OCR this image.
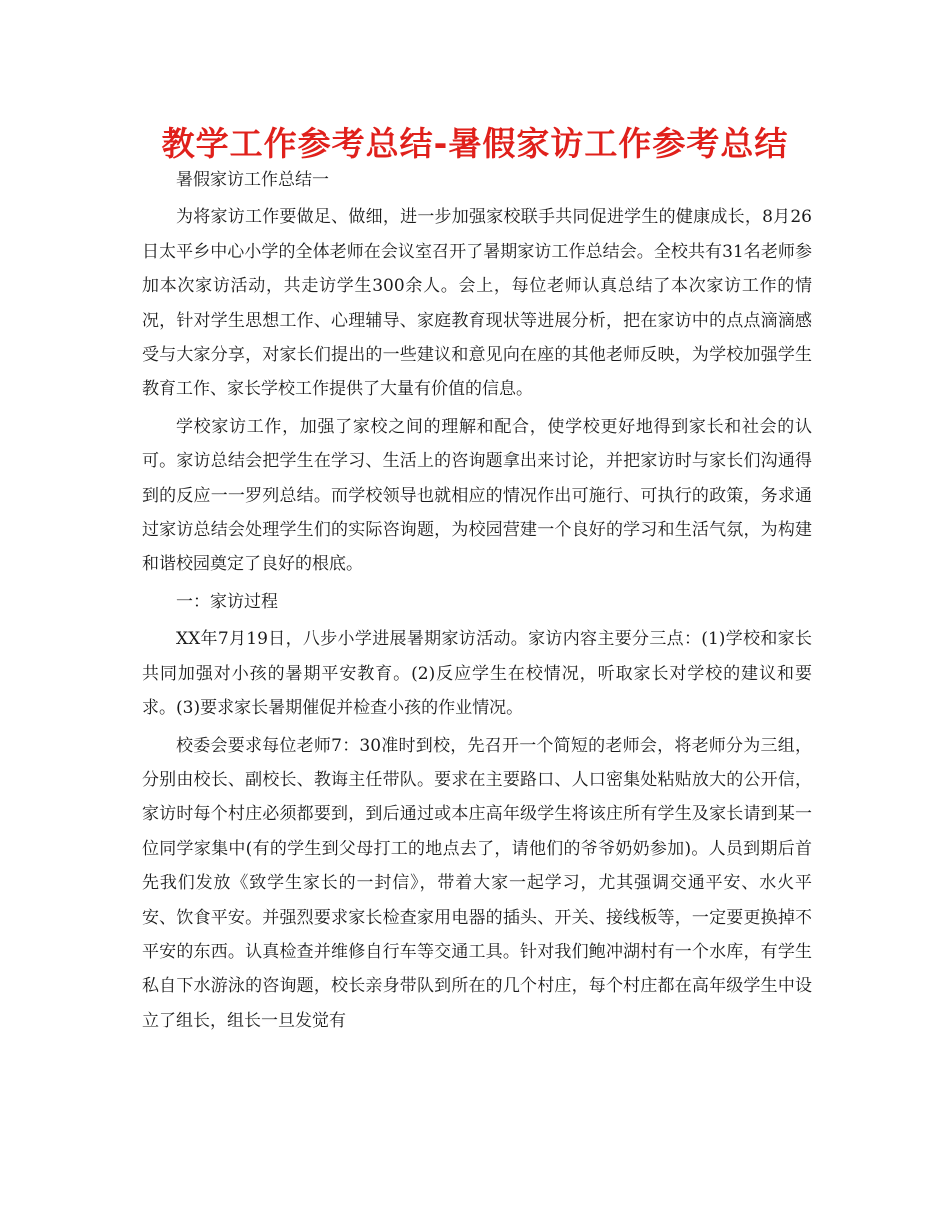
教学工作参考总结-暑假家访工作参考总结

暑假家访工作总结一

为将家访工作要做足、做细，进一步加强家校联手共同促进学生的健康成长，8月26日太平乡中心小学的全体老师在会议室召开了暑期家访工作总结会。全校共有31名老师参加本次家访活动，共走访学生300余人。会上，每位老师认真总结了本次家访工作的情况，针对学生思想工作、心理辅导、家庭教育现状等进展分析，把在家访中的点点滴滴感受与大家分享，对家长们提出的一些建议和意见向在座的其他老师反映，为学校加强学生教育工作、家长学校工作提供了大量有价值的信息。

学校家访工作，加强了家校之间的理解和配合，使学校更好地得到家长和社会的认可。家访总结会把学生在学习、生活上的咨询题拿出来讨论，并把家访时与家长们沟通得到的反应一一罗列总结。而学校领导也就相应的情况作出可施行、可执行的政策，务求通过家访总结会处理学生们的实际咨询题，为校园营建一个良好的学习和生活气氛，为构建和谐校园奠定了良好的根底。

一：家访过程

XX年7月19日，八步小学进展暑期家访活动。家访内容主要分三点：(1)学校和家长共同加强对小孩的暑期平安教育。(2)反应学生在校情况，听取家长对学校的建议和要求。(3)要求家长暑期催促并检查小孩的作业情况。

校委会要求每位老师7：30准时到校，先召开一个简短的老师会，将老师分为三组，分别由校长、副校长、教诲主任带队。要求在主要路口、人口密集处粘贴放大的公开信，家访时每个村庄必须都要到，到后通过或本庄高年级学生将该庄所有学生及家长请到某一位同学家集中(有的学生到父母打工的地点去了，请他们的爷爷奶奶参加)。人员到期后首先我们发放《致学生家长的一封信》，带着大家一起学习，尤其强调交通平安、水火平安、饮食平安。并强烈要求家长检查家用电器的插头、开关、接线板等，一定要更换掉不平安的东西。认真检查并维修自行车等交通工具。针对我们鲍冲湖村有一个水库，有学生私自下水游泳的咨询题，校长亲身带队到所在的几个村庄，每个村庄都在高年级学生中设立了组长，组长一旦发觉有
